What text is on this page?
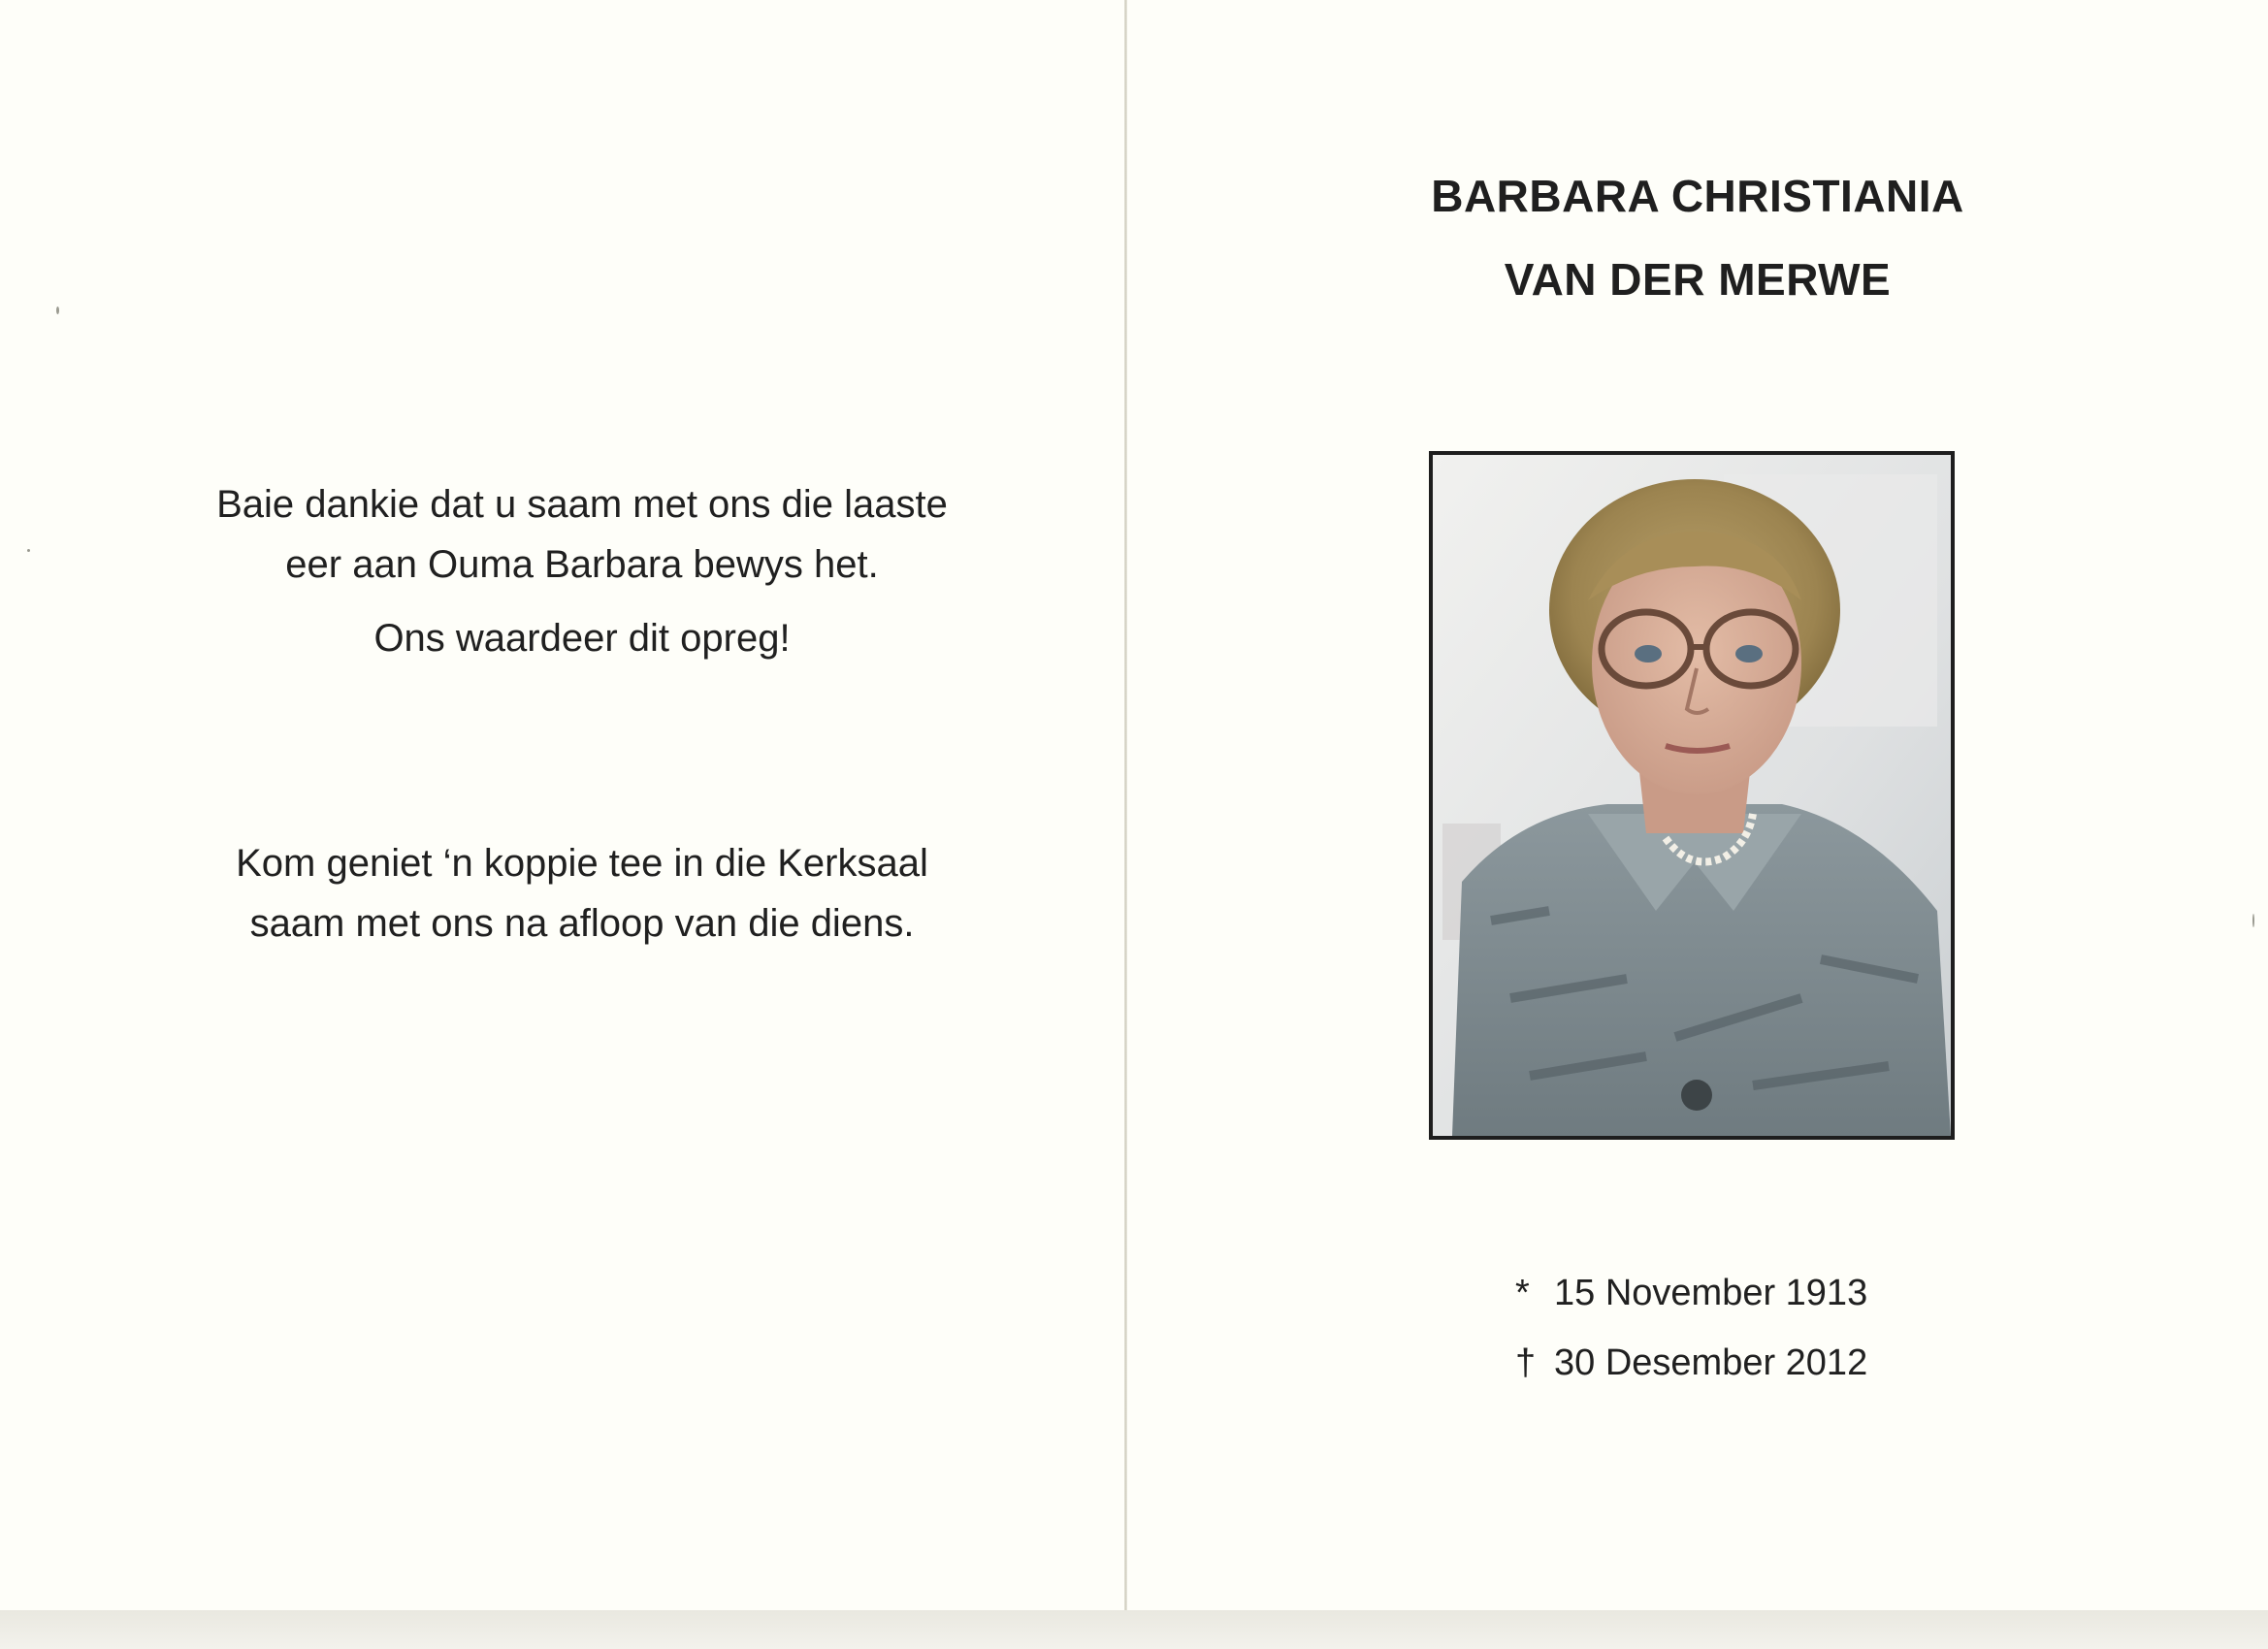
Baie dankie dat u saam met ons die laaste
eer aan Ouma Barbara bewys het.
Ons waardeer dit opreg!
Kom geniet ‘n koppie tee in die Kerksaal
saam met ons na afloop van die diens.
BARBARA CHRISTIANIA
VAN DER MERWE
* 15 November 1913
† 30 Desember 2012
